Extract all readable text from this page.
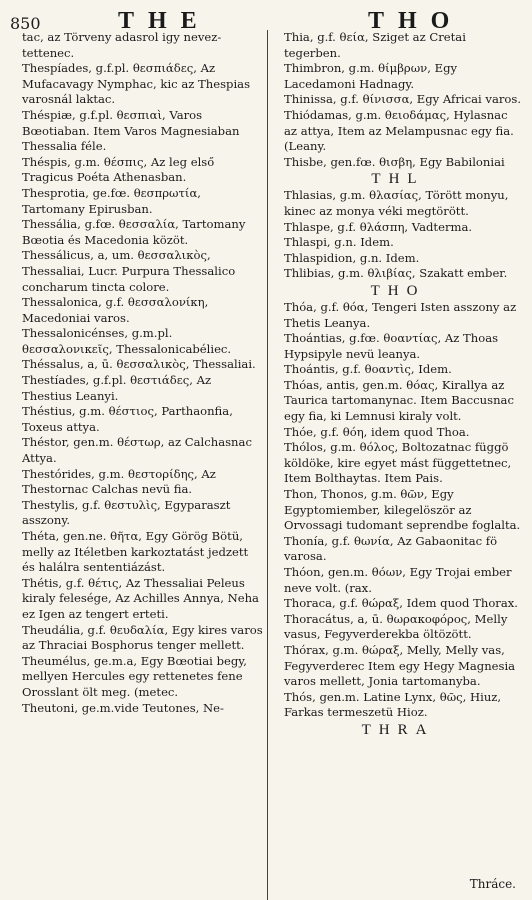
850	THE	THO
tac, az Törveny adasrol igy nevez-tettenec.
Thespíades, g.f.pl. θεσπιάδες, Az Mufacavagy Nymphac, kic az Thespias varosnál laktac.
Théspiæ, g.f.pl. θεσπιαὶ, Varos Bœotiaban. Item Varos Magnesiaban Thessalia féle.
Théspis, g.m. θέσπις, Az leg első Tragicus Poéta Athenasban.
Thesprotia, ge.fœ. θεσπρωτία, Tartomany Epirusban.
Thessália, g.fœ. θεσσαλία, Tartomany Bœotia és Macedonia közöt.
Thessálicus, a, um. θεσσαλικὸς, Thessaliai, Lucr. Purpura Thessalico concharum tincta colore.
Thessalonica, g.f. θεσσαλονίκη, Macedoniai varos.
Thessalonicénses, g.m.pl. θεσσαλονικεῖς, Thessalonicabéliec.
Théssalus, a, ū. θεσσαλικὸς, Thessaliai.
Thestíades, g.f.pl. θεστιάδες, Az Thestius Leanyi.
Théstius, g.m. θέστιος, Parthaonfia, Toxeus attya.
Théstor, gen.m. θέστωρ, az Calchasnac Attya.
Thestórides, g.m. θεστορίδης, Az Thestornac Calchas nevü fia.
Thestylis, g.f. θεστυλὶς, Egyparaszt asszony.
Théta, gen.ne. θῆτα, Egy Görög Bötü, melly az Itéletben karkoztatást jedzett és halálra sententiázást.
Thétis, g.f. θέτις, Az Thessaliai Peleus kiraly felesége, Az Achilles Annya, Neha ez Igen az tengert erteti.
Theudália, g.f. θευδαλία, Egy kires varos az Thraciai Bosphorus tenger mellett.
Theumélus, ge.m.a, Egy Bœotiai begy, mellyen Hercules egy rettenetes fene Orosslant ölt meg. (metec.
Theutoni, ge.m.vide Teutones, Ne-
Thia, g.f. θεία, Sziget az Cretai tegerben.
Thimbron, g.m. θίμβρων, Egy Lacedamoni Hadnagy.
Thinissa, g.f. θίνισσα, Egy Africai varos.
Thiódamas, g.m. θειοδάμας, Hylasnac az attya, Item az Melampusnac egy fia. (Leany.
Thisbe, gen.fœ. θισβη, Egy Babiloniai
THL
Thlasias, g.m. θλασίας, Törött monyu, kinec az monya véki megtörött.
Thlaspe, g.f. θλάσπη, Vadterma.
Thlaspi, g.n. Idem.
Thlaspidion, g.n. Idem.
Thlibias, g.m. θλιβίας, Szakatt ember.
THO
Thóa, g.f. θόα, Tengeri Isten asszony az Thetis Leanya.
Thoántias, g.fœ. θοαντίας, Az Thoas Hypsipyle nevü leanya.
Thoántis, g.f. θοαντὶς, Idem.
Thóas, antis, gen.m. θόας, Kirallya az Taurica tartomanynac. Item Baccusnac egy fia, ki Lemnusi kiraly volt.
Thóe, g.f. θόη, idem quod Thoa.
Thólos, g.m. θόλος, Boltozatnac függö köldöke, kire egyet mást függettetnec, Item Bolthaytas. Item Pais.
Thon, Thonos, g.m. θῶν, Egy Egyptomiember, kilegelöször az Orvossagi tudomant seprendbe foglalta.
Thonía, g.f. θωνία, Az Gabaonitac fö varosa.
Thóon, gen.m. θόων, Egy Trojai ember neve volt. (rax.
Thoraca, g.f. θώραξ, Idem quod Thorax.
Thoracátus, a, ū. θωρακοφόρος, Melly vasus, Fegyverderekba öltözött.
Thórax, g.m. θώραξ, Melly, Melly vas, Fegyverderec Item egy Hegy Magnesia varos mellett, Jonia tartomanyba.
Thós, gen.m. Latine Lynx, θῶς, Hiuz, Farkas termeszetü Hioz.
THRA
Thráce.
